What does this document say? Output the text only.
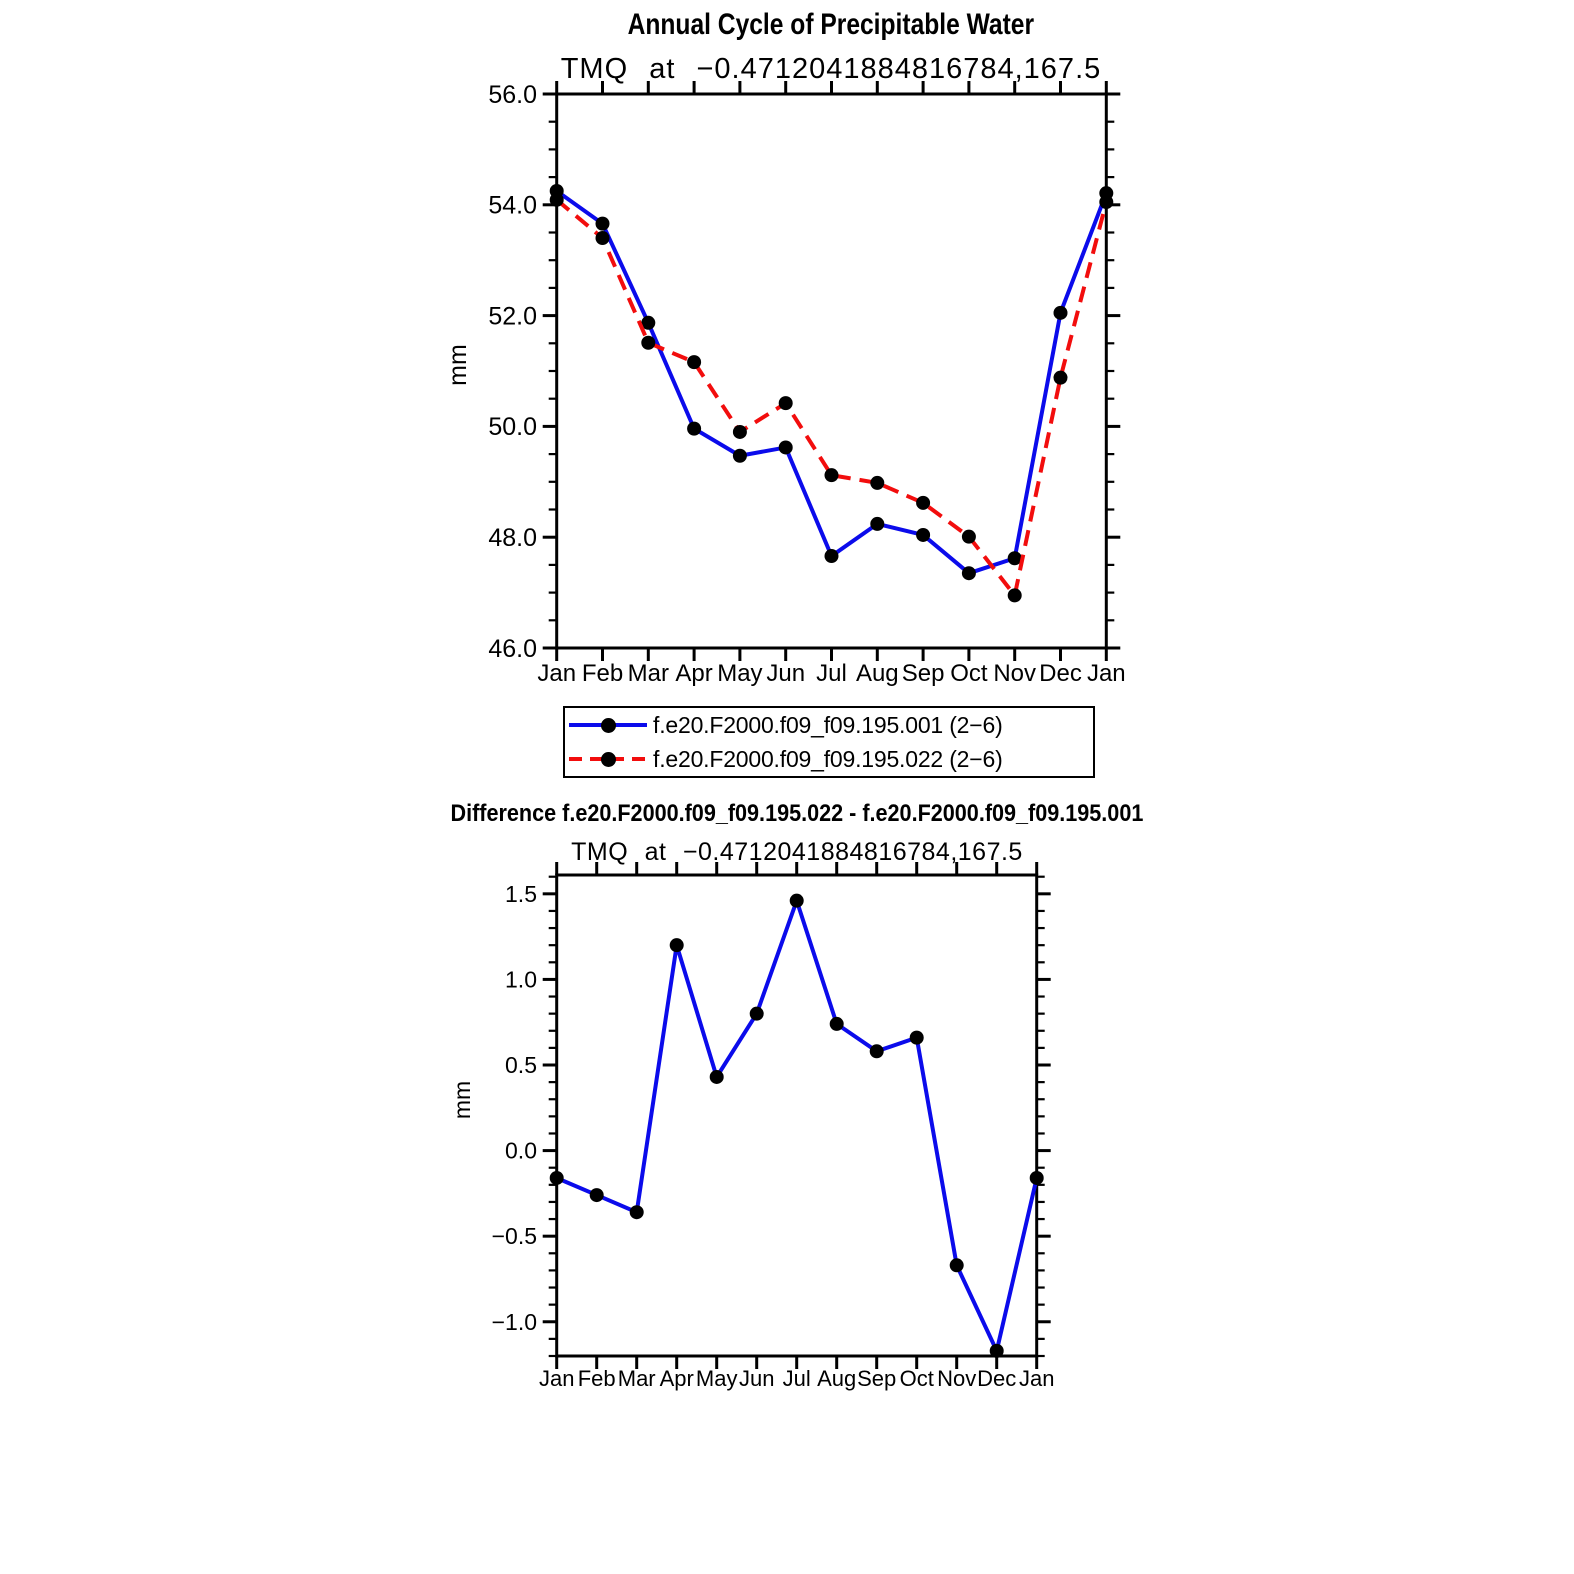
Jan Feb Mar Apr May Jun Jul Aug Sep Oct Nov Dec Jan
56.0
54.0
52.0
50.0
48.0
46.0
Jan Feb Mar Apr May Jun Jul Aug Sep Oct Nov Dec Jan
1.5
1.0
0.5
0.0
−0.5
−1.0
Annual Cycle of Precipitable Water
TMQ at −0.4712041884816784,167.5
mm
f.e20.F2000.f09_f09.195.001 (2−6)
f.e20.F2000.f09_f09.195.022 (2−6)
Difference f.e20.F2000.f09_f09.195.022 - f.e20.F2000.f09_f09.195.001
TMQ at −0.4712041884816784,167.5
mm
